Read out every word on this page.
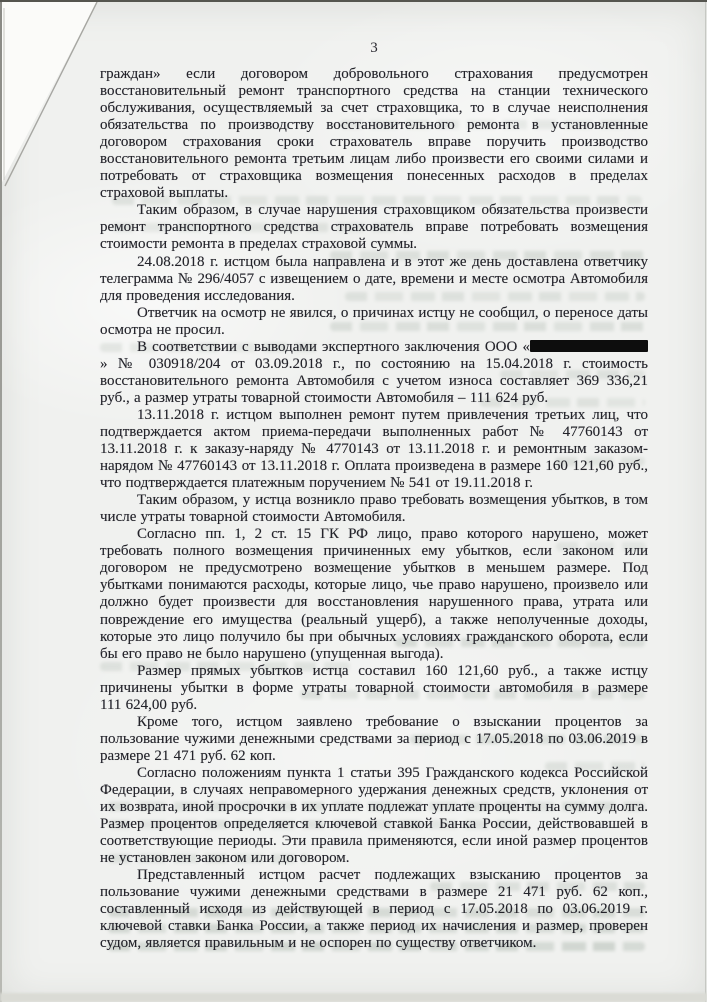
3

граждан» если договором добровольного страхования предусмотрен восстановительный ремонт транспортного средства на станции технического обслуживания, осуществляемый за счет страховщика, то в случае неисполнения обязательства по производству восстановительного ремонта в установленные договором страхования сроки страхователь вправе поручить производство восстановительного ремонта третьим лицам либо произвести его своими силами и потребовать от страховщика возмещения понесенных расходов в пределах страховой выплаты.

Таким образом, в случае нарушения страховщиком обязательства произвести ремонт транспортного средства страхователь вправе потребовать возмещения стоимости ремонта в пределах страховой суммы.

24.08.2018 г. истцом была направлена и в этот же день доставлена ответчику телеграмма № 296/4057 с извещением о дате, времени и месте осмотра Автомобиля для проведения исследования.

Ответчик на осмотр не явился, о причинах истцу не сообщил, о переносе даты осмотра не просил.

В соответствии с выводами экспертного заключения ООО «» № 030918/204 от 03.09.2018 г., по состоянию на 15.04.2018 г. стоимость восстановительного ремонта Автомобиля с учетом износа составляет 369 336,21 руб., а размер утраты товарной стоимости Автомобиля – 111 624 руб.

13.11.2018 г. истцом выполнен ремонт путем привлечения третьих лиц, что подтверждается актом приема-передачи выполненных работ № 47760143 от 13.11.2018 г. к заказу-наряду № 4770143 от 13.11.2018 г. и ремонтным заказом-нарядом № 47760143 от 13.11.2018 г. Оплата произведена в размере 160 121,60 руб., что подтверждается платежным поручением № 541 от 19.11.2018 г.

Таким образом, у истца возникло право требовать возмещения убытков, в том числе утраты товарной стоимости Автомобиля.

Согласно пп. 1, 2 ст. 15 ГК РФ лицо, право которого нарушено, может требовать полного возмещения причиненных ему убытков, если законом или договором не предусмотрено возмещение убытков в меньшем размере. Под убытками понимаются расходы, которые лицо, чье право нарушено, произвело или должно будет произвести для восстановления нарушенного права, утрата или повреждение его имущества (реальный ущерб), а также неполученные доходы, которые это лицо получило бы при обычных условиях гражданского оборота, если бы его право не было нарушено (упущенная выгода).

Размер прямых убытков истца составил 160 121,60 руб., а также истцу причинены убытки в форме утраты товарной стоимости автомобиля в размере 111 624,00 руб.

Кроме того, истцом заявлено требование о взыскании процентов за пользование чужими денежными средствами за период с 17.05.2018 по 03.06.2019 в размере 21 471 руб. 62 коп.

Согласно положениям пункта 1 статьи 395 Гражданского кодекса Российской Федерации, в случаях неправомерного удержания денежных средств, уклонения от их возврата, иной просрочки в их уплате подлежат уплате проценты на сумму долга. Размер процентов определяется ключевой ставкой Банка России, действовавшей в соответствующие периоды. Эти правила применяются, если иной размер процентов не установлен законом или договором.

Представленный истцом расчет подлежащих взысканию процентов за пользование чужими денежными средствами в размере 21 471 руб. 62 коп., составленный исходя из действующей в период с 17.05.2018 по 03.06.2019 г. ключевой ставки Банка России, а также период их начисления и размер, проверен судом, является правильным и не оспорен по существу ответчиком.
